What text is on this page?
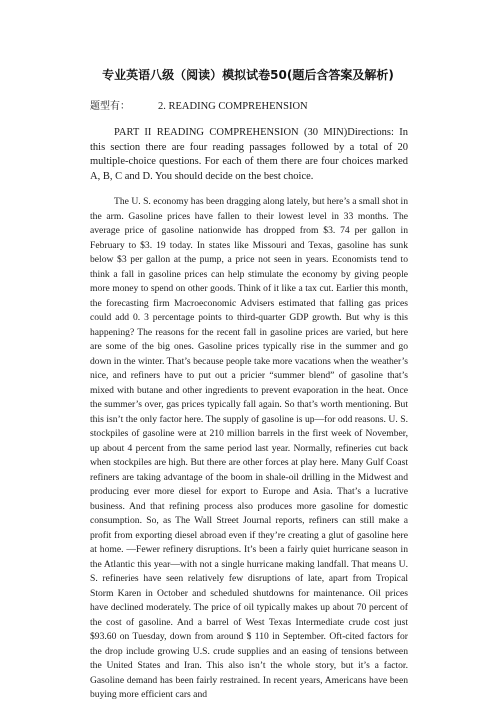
专业英语八级（阅读）模拟试卷50(题后含答案及解析)
题型有：	2. READING COMPREHENSION

PART II READING COMPREHENSION (30 MIN)Directions: In this section there are four reading passages followed by a total of 20 multiple-choice questions. For each of them there are four choices marked A, B, C and D. You should decide on the best choice.

The U. S. economy has been dragging along lately, but here’s a small shot in the arm. Gasoline prices have fallen to their lowest level in 33 months. The average price of gasoline nationwide has dropped from $3. 74 per gallon in February to $3. 19 today. In states like Missouri and Texas, gasoline has sunk below $3 per gallon at the pump, a price not seen in years. Economists tend to think a fall in gasoline prices can help stimulate the economy by giving people more money to spend on other goods. Think of it like a tax cut. Earlier this month, the forecasting firm Macroeconomic Advisers estimated that falling gas prices could add 0. 3 percentage points to third-quarter GDP growth. But why is this happening? The reasons for the recent fall in gasoline prices are varied, but here are some of the big ones. Gasoline prices typically rise in the summer and go down in the winter. That’s because people take more vacations when the weather’s nice, and refiners have to put out a pricier “summer blend” of gasoline that’s mixed with butane and other ingredients to prevent evaporation in the heat. Once the summer’s over, gas prices typically fall again. So that’s worth mentioning. But this isn’t the only factor here. The supply of gasoline is up—for odd reasons. U. S. stockpiles of gasoline were at 210 million barrels in the first week of November, up about 4 percent from the same period last year. Normally, refineries cut back when stockpiles are high. But there are other forces at play here. Many Gulf Coast refiners are taking advantage of the boom in shale-oil drilling in the Midwest and producing ever more diesel for export to Europe and Asia. That’s a lucrative business. And that refining process also produces more gasoline for domestic consumption. So, as The Wall Street Journal reports, refiners can still make a profit from exporting diesel abroad even if they’re creating a glut of gasoline here at home. —Fewer refinery disruptions. It’s been a fairly quiet hurricane season in the Atlantic this year—with not a single hurricane making landfall. That means U. S. refineries have seen relatively few disruptions of late, apart from Tropical Storm Karen in October and scheduled shutdowns for maintenance. Oil prices have declined moderately. The price of oil typically makes up about 70 percent of the cost of gasoline. And a barrel of West Texas Intermediate crude cost just $93.60 on Tuesday, down from around $ 110 in September. Oft-cited factors for the drop include growing U.S. crude supplies and an easing of tensions between the United States and Iran. This also isn’t the whole story, but it’s a factor. Gasoline demand has been fairly restrained. In recent years, Americans have been buying more efficient cars and
